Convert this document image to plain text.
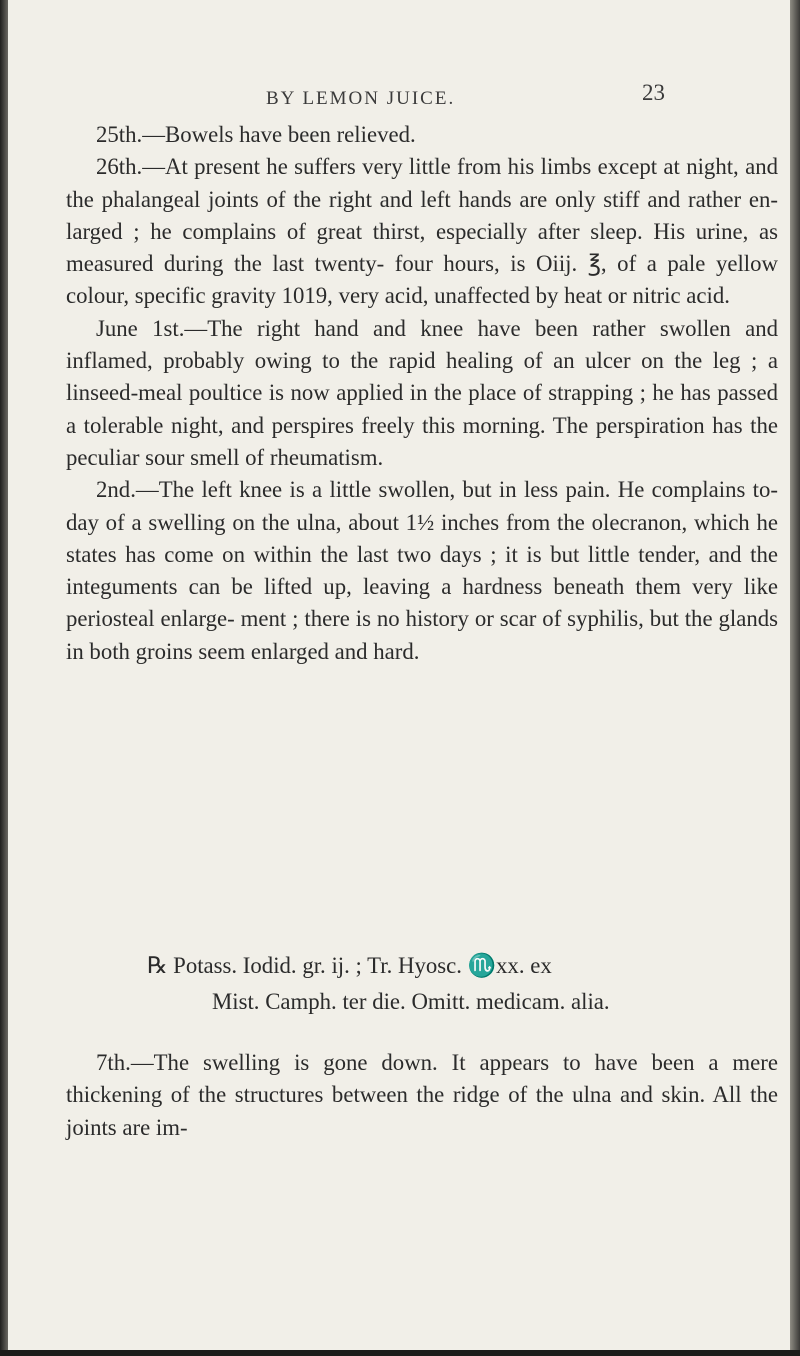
BY LEMON JUICE.	23

25th.—Bowels have been relieved.

26th.—At present he suffers very little from his limbs except at night, and the phalangeal joints of the right and left hands are only stiff and rather en- larged ; he complains of great thirst, especially after sleep. His urine, as measured during the last twenty- four hours, is Oiij. ℥, of a pale yellow colour, specific gravity 1019, very acid, unaffected by heat or nitric acid.

June 1st.—The right hand and knee have been rather swollen and inflamed, probably owing to the rapid healing of an ulcer on the leg ; a linseed-meal poultice is now applied in the place of strapping ; he has passed a tolerable night, and perspires freely this morning. The perspiration has the peculiar sour smell of rheumatism.

2nd.—The left knee is a little swollen, but in less pain. He complains to-day of a swelling on the ulna, about 1½ inches from the olecranon, which he states has come on within the last two days ; it is but little tender, and the integuments can be lifted up, leaving a hardness beneath them very like periosteal enlarge- ment ; there is no history or scar of syphilis, but the glands in both groins seem enlarged and hard.

℞ Potass. Iodid. gr. ij. ; Tr. Hyosc. ♏xx. ex
Mist. Camph. ter die. Omitt. medicam. alia.

7th.—The swelling is gone down. It appears to have been a mere thickening of the structures between the ridge of the ulna and skin. All the joints are im-
